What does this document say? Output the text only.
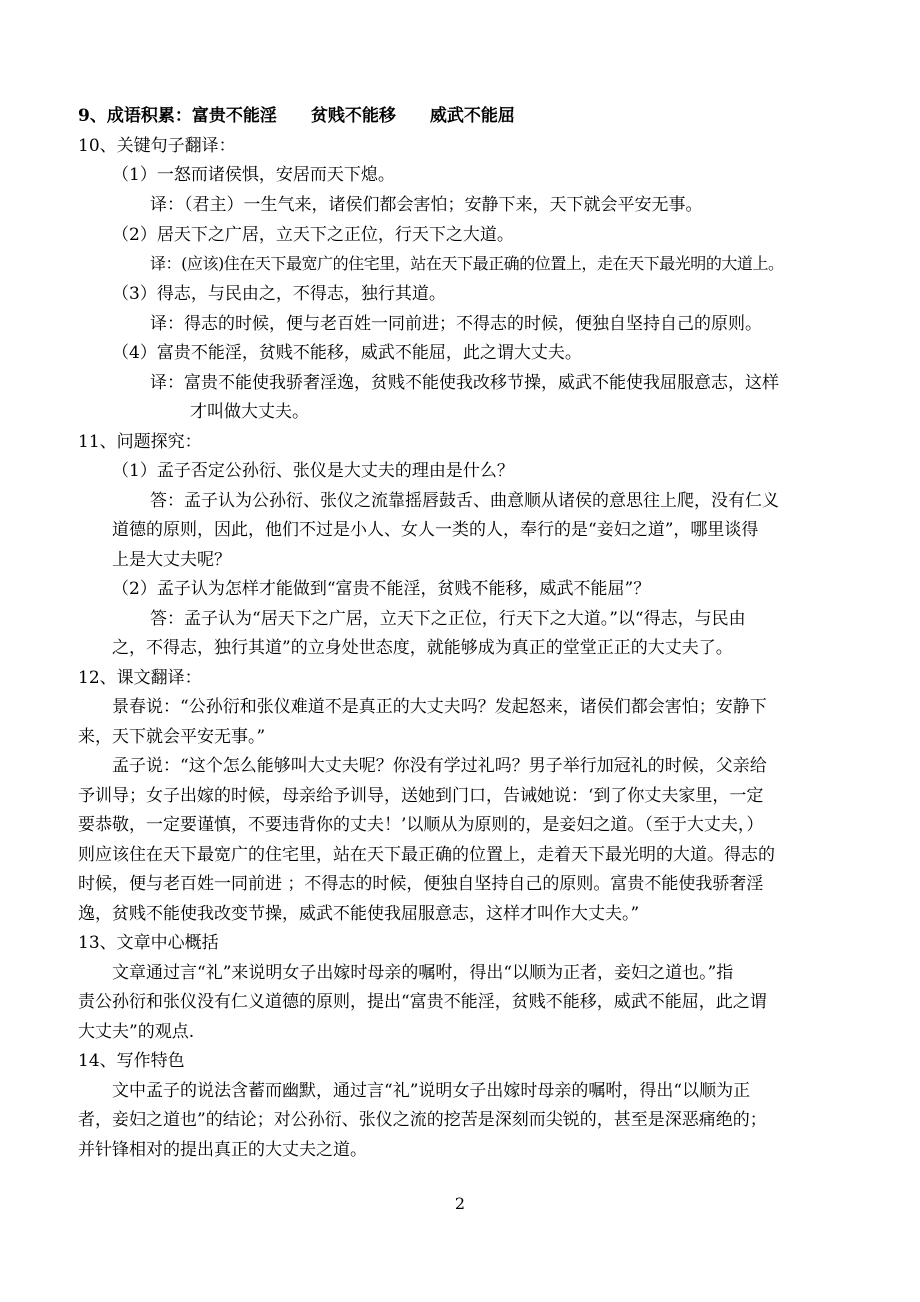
9、成语积累：富贵不能淫　　贫贱不能移　　威武不能屈
10、关键句子翻译：
（1）一怒而诸侯惧，安居而天下熄。
译：（君主）一生气来，诸侯们都会害怕；安静下来，天下就会平安无事。
（2）居天下之广居，立天下之正位，行天下之大道。
译：(应该)住在天下最宽广的住宅里，站在天下最正确的位置上，走在天下最光明的大道上。
（3）得志，与民由之，不得志，独行其道。
译：得志的时候，便与老百姓一同前进；不得志的时候，便独自坚持自己的原则。
（4）富贵不能淫，贫贱不能移，威武不能屈，此之谓大丈夫。
译：富贵不能使我骄奢淫逸，贫贱不能使我改移节操，威武不能使我屈服意志，这样
才叫做大丈夫。
11、问题探究：
（1）孟子否定公孙衍、张仪是大丈夫的理由是什么？
答：孟子认为公孙衍、张仪之流靠摇唇鼓舌、曲意顺从诸侯的意思往上爬，没有仁义
道德的原则，因此，他们不过是小人、女人一类的人，奉行的是“妾妇之道”，哪里谈得
上是大丈夫呢？
（2）孟子认为怎样才能做到“富贵不能淫，贫贱不能移，威武不能屈”？
答：孟子认为“居天下之广居，立天下之正位，行天下之大道。”以“得志，与民由
之，不得志，独行其道”的立身处世态度，就能够成为真正的堂堂正正的大丈夫了。
12、课文翻译：
景春说：“公孙衍和张仪难道不是真正的大丈夫吗？发起怒来，诸侯们都会害怕；安静下
来，天下就会平安无事。”
孟子说：“这个怎么能够叫大丈夫呢？你没有学过礼吗？男子举行加冠礼的时候，父亲给
予训导；女子出嫁的时候，母亲给予训导，送她到门口，告诫她说：‘到了你丈夫家里，一定
要恭敬，一定要谨慎，不要违背你的丈夫！’以顺从为原则的，是妾妇之道。（至于大丈夫，）
则应该住在天下最宽广的住宅里，站在天下最正确的位置上，走着天下最光明的大道。得志的
时候，便与老百姓一同前进 ；不得志的时候，便独自坚持自己的原则。富贵不能使我骄奢淫
逸，贫贱不能使我改变节操，威武不能使我屈服意志，这样才叫作大丈夫。”
13、文章中心概括
文章通过言“礼”来说明女子出嫁时母亲的嘱咐，得出“以顺为正者，妾妇之道也。”指
责公孙衍和张仪没有仁义道德的原则，提出“富贵不能淫，贫贱不能移，威武不能屈，此之谓
大丈夫”的观点.
14、写作特色
文中孟子的说法含蓄而幽默，通过言“礼”说明女子出嫁时母亲的嘱咐，得出“以顺为正
者，妾妇之道也”的结论；对公孙衍、张仪之流的挖苦是深刻而尖锐的，甚至是深恶痛绝的；
并针锋相对的提出真正的大丈夫之道。
2
